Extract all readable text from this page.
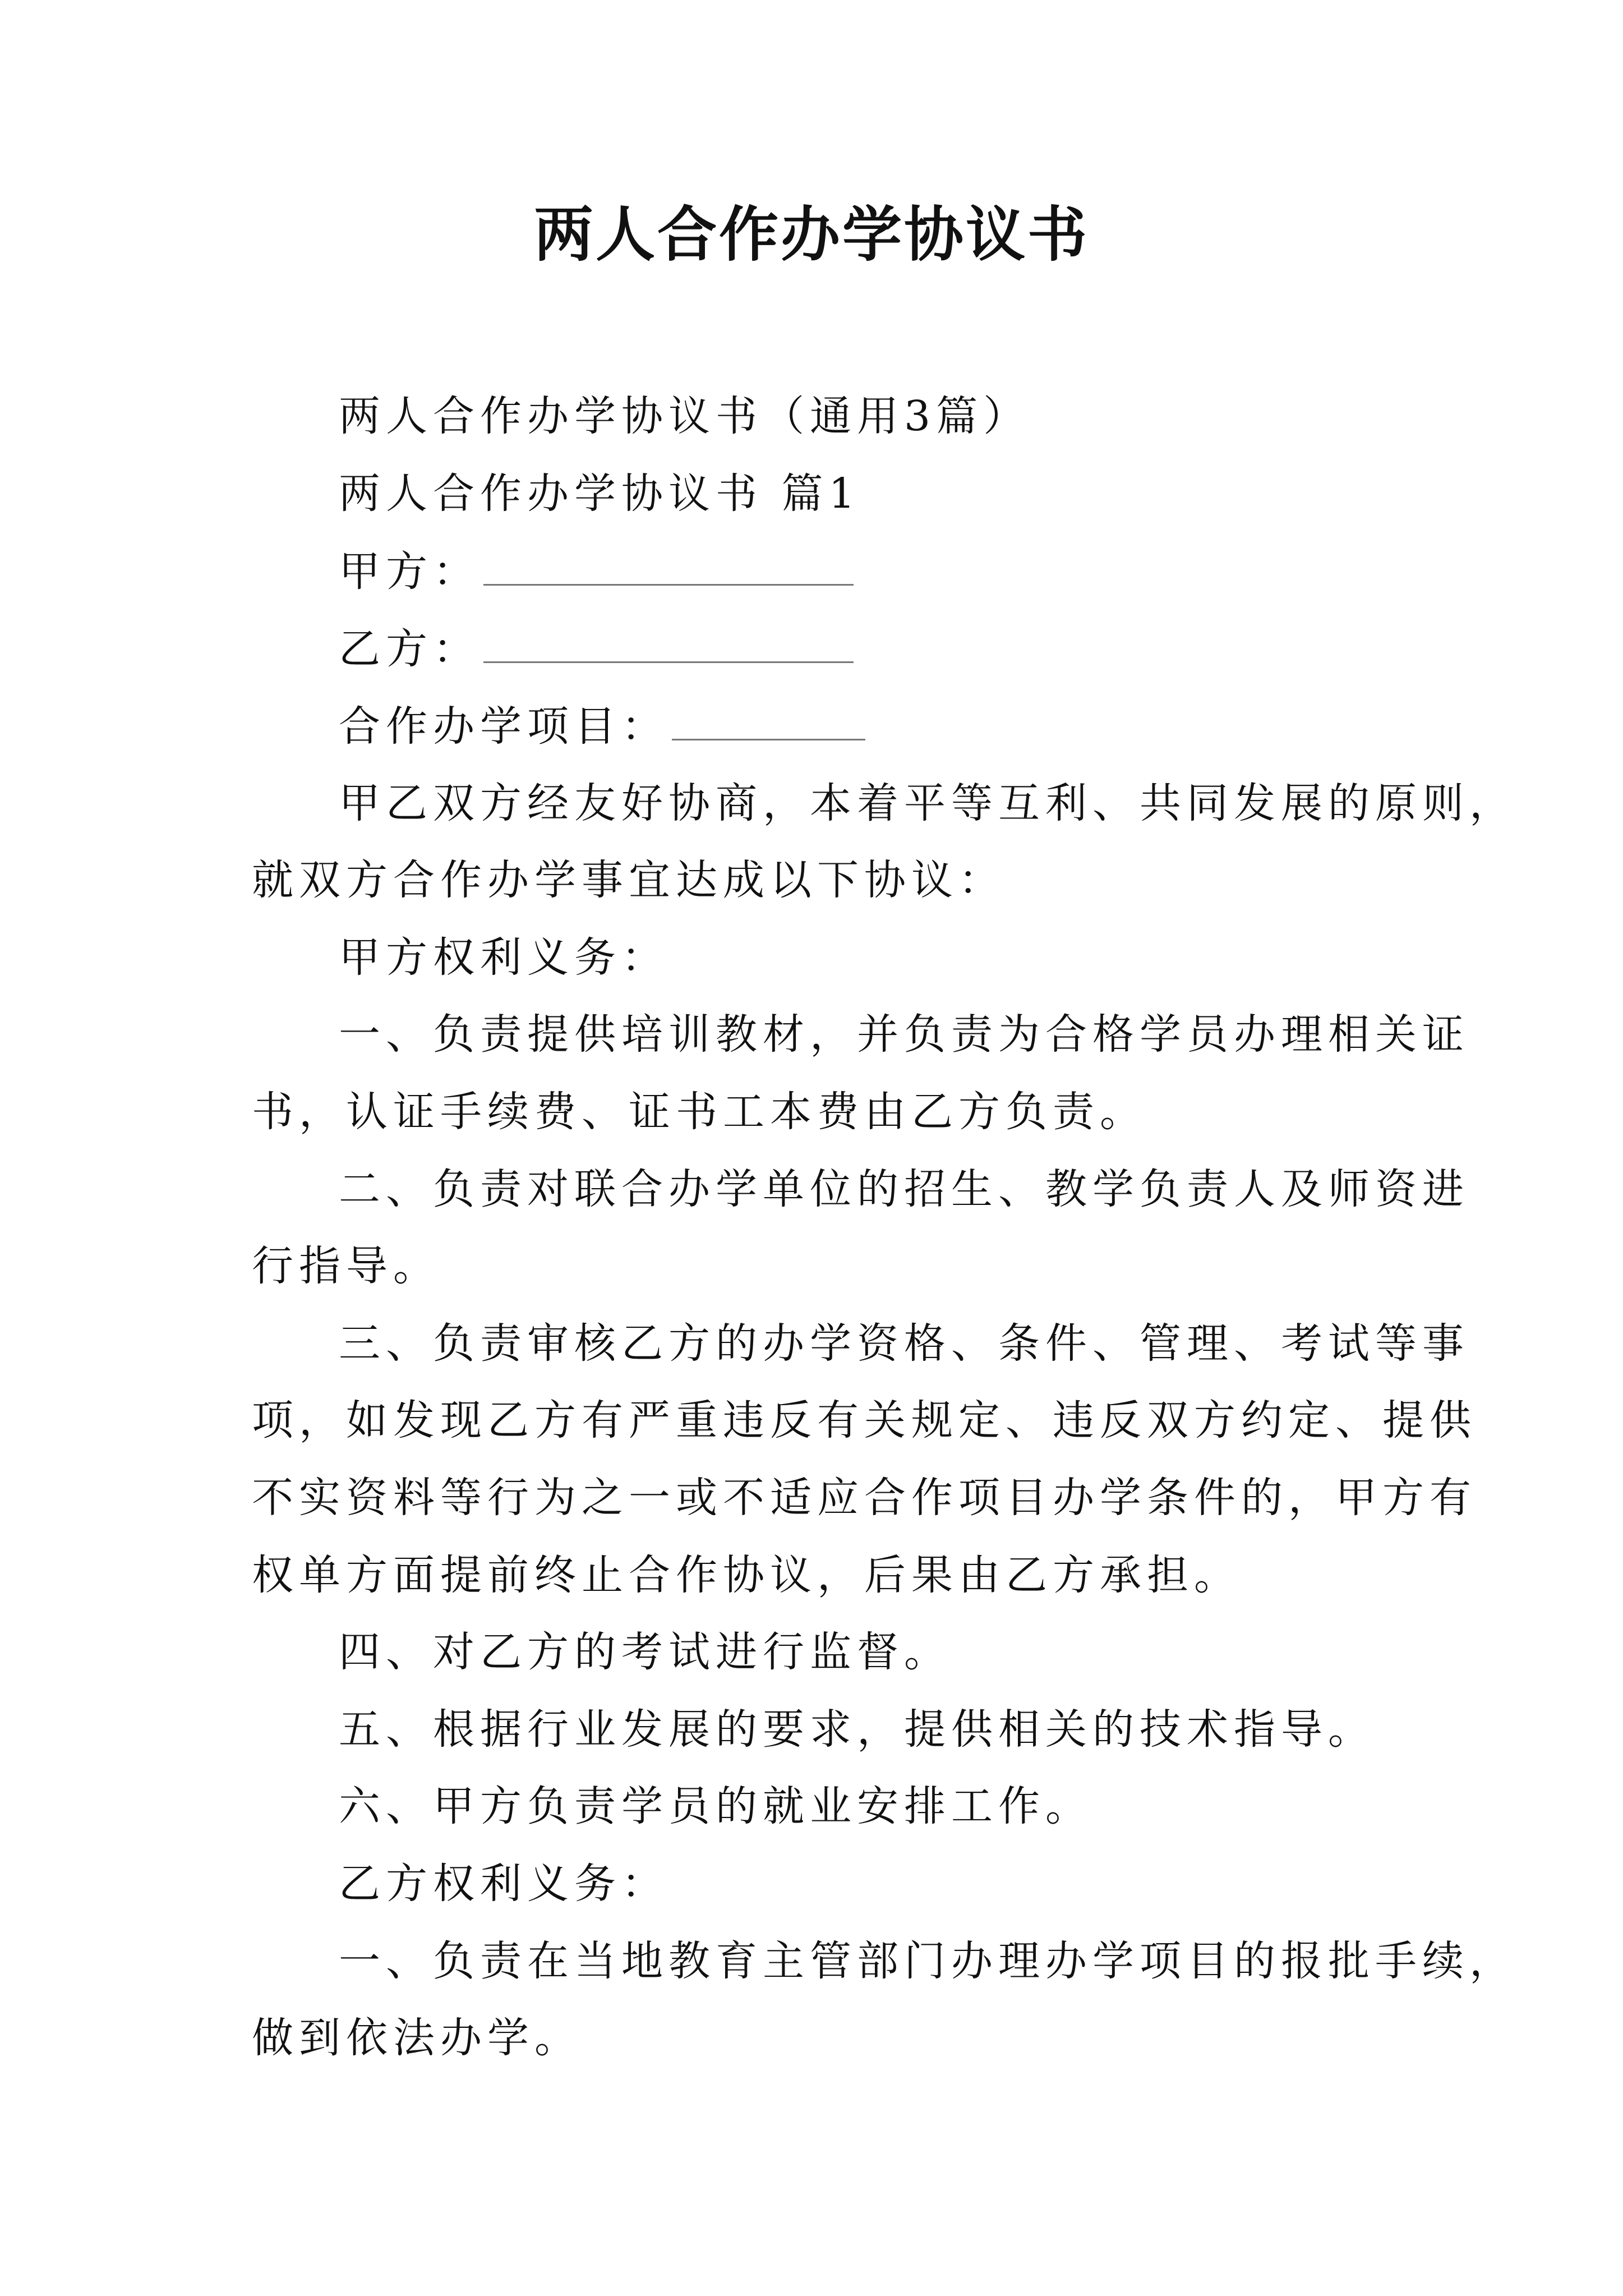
两人合作办学协议书
两人合作办学协议书（通用3篇）
两人合作办学协议书 篇1
甲方：
乙方：
合作办学项目：
甲乙双方经友好协商，本着平等互利、共同发展的原则，
就双方合作办学事宜达成以下协议：
甲方权利义务：
一、负责提供培训教材，并负责为合格学员办理相关证
书，认证手续费、证书工本费由乙方负责。
二、负责对联合办学单位的招生、教学负责人及师资进
行指导。
三、负责审核乙方的办学资格、条件、管理、考试等事
项，如发现乙方有严重违反有关规定、违反双方约定、提供
不实资料等行为之一或不适应合作项目办学条件的，甲方有
权单方面提前终止合作协议，后果由乙方承担。
四、对乙方的考试进行监督。
五、根据行业发展的要求，提供相关的技术指导。
六、甲方负责学员的就业安排工作。
乙方权利义务：
一、负责在当地教育主管部门办理办学项目的报批手续，
做到依法办学。
